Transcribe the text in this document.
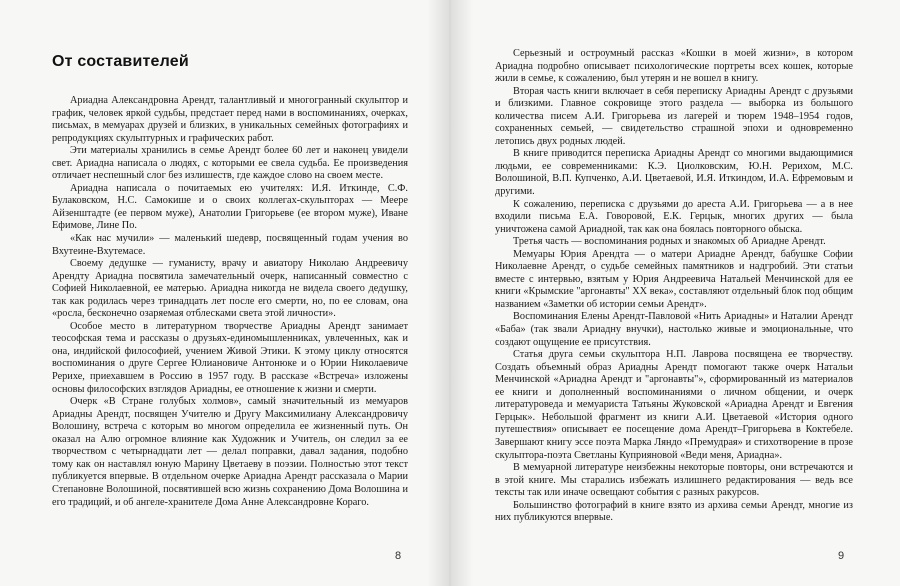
От составителей

Ариадна Александровна Арендт, талантливый и многогранный скульптор и график, человек яркой судьбы, предстает перед нами в воспоминаниях, очерках, письмах, в мемуарах друзей и близких, в уникальных семейных фотографиях и репродукциях скульптурных и графических работ.

Эти материалы хранились в семье Арендт более 60 лет и наконец увидели свет. Ариадна написала о людях, с которыми ее свела судьба. Ее произведения отличает неспешный слог без излишеств, где каждое слово на своем месте.

Ариадна написала о почитаемых ею учителях: И.Я. Иткинде, С.Ф. Булаковском, Н.С. Самокише и о своих коллегах-скульпторах — Меере Айзенштадте (ее первом муже), Анатолии Григорьеве (ее втором муже), Иване Ефимове, Лине По.

«Как нас мучили» — маленький шедевр, посвященный годам учения во Вхутеине-Вхутемасе.

Своему дедушке — гуманисту, врачу и авиатору Николаю Андреевичу Арендту Ариадна посвятила замечательный очерк, написанный совместно с Софией Николаевной, ее матерью. Ариадна никогда не видела своего дедушку, так как родилась через тринадцать лет после его смерти, но, по ее словам, она «росла, бесконечно озаряемая отблесками света этой личности».

Особое место в литературном творчестве Ариадны Арендт занимает теософская тема и рассказы о друзьях-единомышленниках, увлеченных, как и она, индийской философией, учением Живой Этики. К этому циклу относятся воспоминания о друге Сергее Юлиановиче Антонюке и о Юрии Николаевиче Рерихе, приехавшем в Россию в 1957 году. В рассказе «Встреча» изложены основы философских взглядов Ариадны, ее отношение к жизни и смерти.

Очерк «В Стране голубых холмов», самый значительный из мемуаров Ариадны Арендт, посвящен Учителю и Другу Максимилиану Александровичу Волошину, встреча с которым во многом определила ее жизненный путь. Он оказал на Алю огромное влияние как Художник и Учитель, он следил за ее творчеством с четырнадцати лет — делал поправки, давал задания, подобно тому как он наставлял юную Марину Цветаеву в поэзии. Полностью этот текст публикуется впервые. В отдельном очерке Ариадна Арендт рассказала о Марии Степановне Волошиной, посвятившей всю жизнь сохранению Дома Волошина и его традиций, и об ангеле-хранителе Дома Анне Александровне Кораго.

8

Серьезный и остроумный рассказ «Кошки в моей жизни», в котором Ариадна подробно описывает психологические портреты всех кошек, которые жили в семье, к сожалению, был утерян и не вошел в книгу.

Вторая часть книги включает в себя переписку Ариадны Арендт с друзьями и близкими. Главное сокровище этого раздела — выборка из большого количества писем А.И. Григорьева из лагерей и тюрем 1948–1954 годов, сохраненных семьей, — свидетельство страшной эпохи и одновременно летопись двух родных людей.

В книге приводится переписка Ариадны Арендт со многими выдающимися людьми, ее современниками: К.Э. Циолковским, Ю.Н. Рерихом, М.С. Волошиной, В.П. Купченко, А.И. Цветаевой, И.Я. Иткиндом, И.А. Ефремовым и другими.

К сожалению, переписка с друзьями до ареста А.И. Григорьева — а в нее входили письма Е.А. Говоровой, Е.К. Герцык, многих других — была уничтожена самой Ариадной, так как она боялась повторного обыска.

Третья часть — воспоминания родных и знакомых об Ариадне Арендт.

Мемуары Юрия Арендта — о матери Ариадне Арендт, бабушке Софии Николаевне Арендт, о судьбе семейных памятников и надгробий. Эти статьи вместе с интервью, взятым у Юрия Андреевича Натальей Менчинской для ее книги «Крымские "аргонавты" XX века», составляют отдельный блок под общим названием «Заметки об истории семьи Арендт».

Воспоминания Елены Арендт-Павловой «Нить Ариадны» и Наталии Арендт «Баба» (так звали Ариадну внучки), настолько живые и эмоциональные, что создают ощущение ее присутствия.

Статья друга семьи скульптора Н.П. Лаврова посвящена ее творчеству. Создать объемный образ Ариадны Арендт помогают также очерк Натальи Менчинской «Ариадна Арендт и "аргонавты"», сформированный из материалов ее книги и дополненный воспоминаниями о личном общении, и очерк литературоведа и мемуариста Татьяны Жуковской «Ариадна Арендт и Евгения Герцык». Небольшой фрагмент из книги А.И. Цветаевой «История одного путешествия» описывает ее посещение дома Арендт–Григорьева в Коктебеле. Завершают книгу эссе поэта Марка Ляндо «Премудрая» и стихотворение в прозе скульптора-поэта Светланы Куприяновой «Веди меня, Ариадна».

В мемуарной литературе неизбежны некоторые повторы, они встречаются и в этой книге. Мы старались избежать излишнего редактирования — ведь все тексты так или иначе освещают события с разных ракурсов.

Большинство фотографий в книге взято из архива семьи Арендт, многие из них публикуются впервые.

9
